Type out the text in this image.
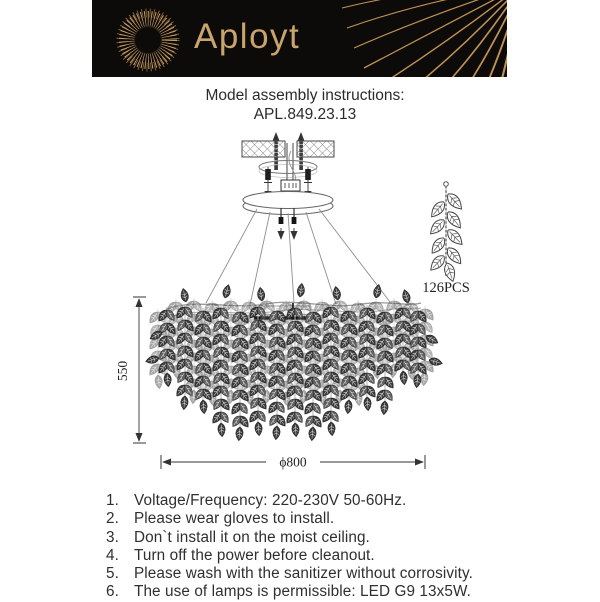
Aployt
Model assembly instructions:
APL.849.23.13
550
ϕ800
126PCS
1. Voltage/Frequency: 220-230V 50-60Hz.
2. Please wear gloves to install.
3. Don`t install it on the moist ceiling.
4. Turn off the power before cleanout.
5. Please wash with the sanitizer without corrosivity.
6. The use of lamps is permissible: LED G9 13x5W.
